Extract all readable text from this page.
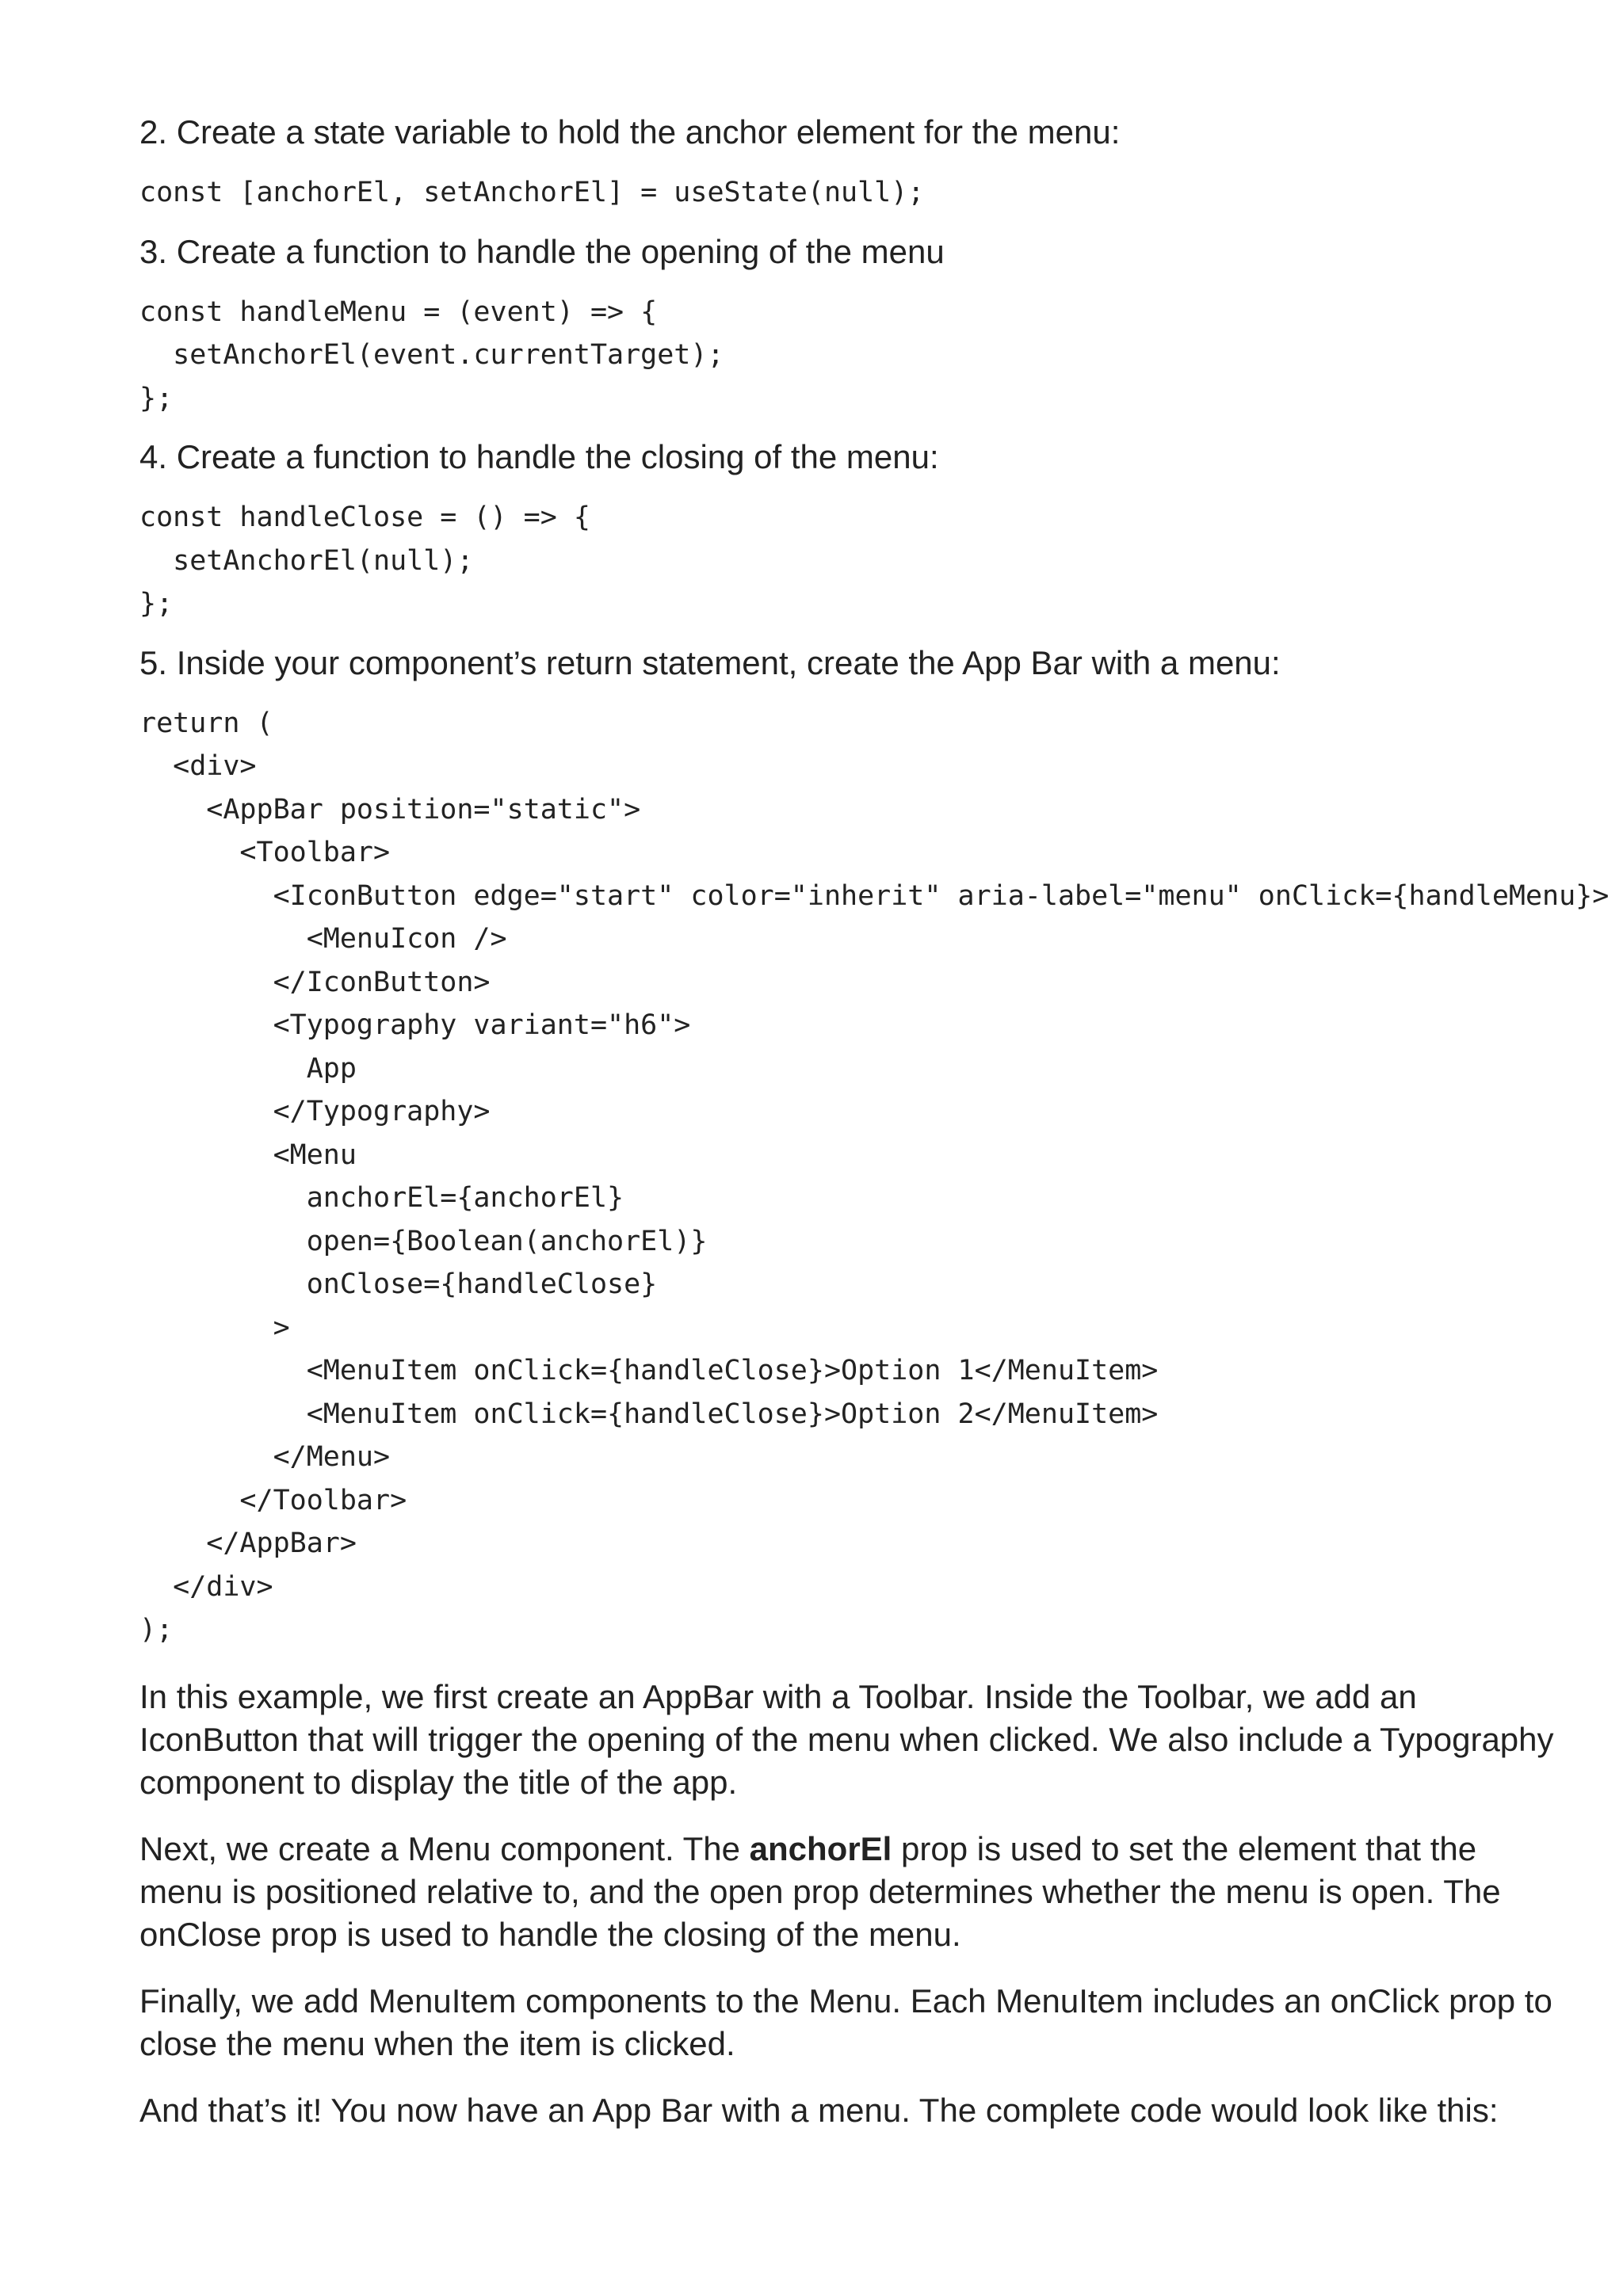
2. Create a state variable to hold the anchor element for the menu:

const [anchorEl, setAnchorEl] = useState(null);

3. Create a function to handle the opening of the menu

const handleMenu = (event) => {
setAnchorEl(event.currentTarget);
};

4. Create a function to handle the closing of the menu:

const handleClose = () => {
setAnchorEl(null);
};

5. Inside your component’s return statement, create the App Bar with a menu:

return (
<div>
<AppBar position="static">
<Toolbar>
<IconButton edge="start" color="inherit" aria-label="menu" onClick={handleMenu}>
<MenuIcon />
</IconButton>
<Typography variant="h6">
App
</Typography>
<Menu
anchorEl={anchorEl}
open={Boolean(anchorEl)}
onClose={handleClose}
>
<MenuItem onClick={handleClose}>Option 1</MenuItem>
<MenuItem onClick={handleClose}>Option 2</MenuItem>
</Menu>
</Toolbar>
</AppBar>
</div>
);

In this example, we first create an AppBar with a Toolbar. Inside the Toolbar, we add an IconButton that will trigger the opening of the menu when clicked. We also include a Typography component to display the title of the app.

Next, we create a Menu component. The anchorEl prop is used to set the element that the menu is positioned relative to, and the open prop determines whether the menu is open. The onClose prop is used to handle the closing of the menu.

Finally, we add MenuItem components to the Menu. Each MenuItem includes an onClick prop to close the menu when the item is clicked.

And that’s it! You now have an App Bar with a menu. The complete code would look like this:
